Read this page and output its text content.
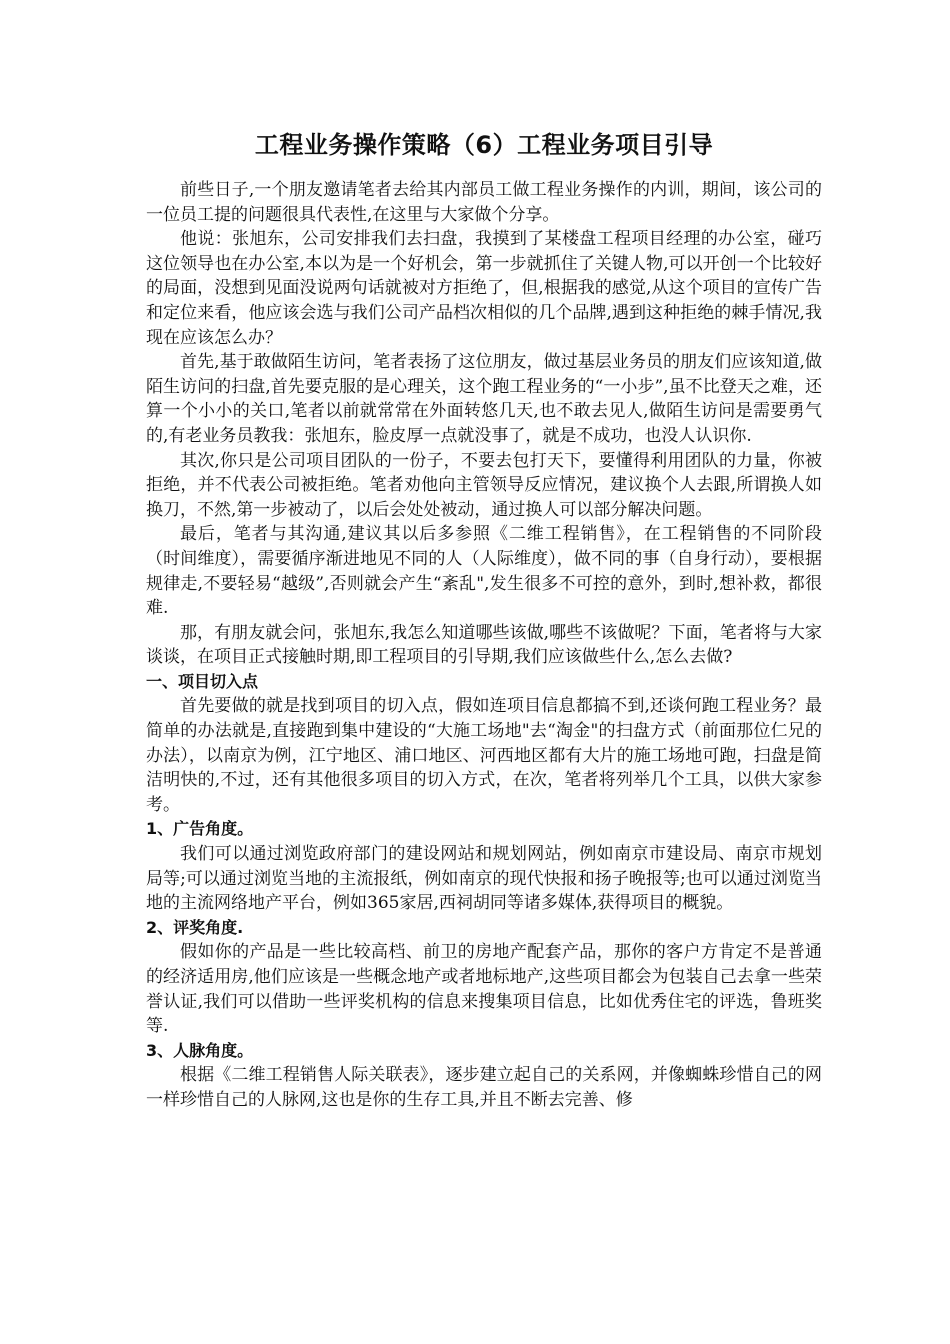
工程业务操作策略（6）工程业务项目引导

前些日子,一个朋友邀请笔者去给其内部员工做工程业务操作的内训，期间，该公司的一位员工提的问题很具代表性,在这里与大家做个分享。

他说：张旭东，公司安排我们去扫盘，我摸到了某楼盘工程项目经理的办公室，碰巧这位领导也在办公室,本以为是一个好机会，第一步就抓住了关键人物,可以开创一个比较好的局面，没想到见面没说两句话就被对方拒绝了，但,根据我的感觉,从这个项目的宣传广告和定位来看，他应该会选与我们公司产品档次相似的几个品牌,遇到这种拒绝的棘手情况,我现在应该怎么办？

首先,基于敢做陌生访问，笔者表扬了这位朋友，做过基层业务员的朋友们应该知道,做陌生访问的扫盘,首先要克服的是心理关，这个跑工程业务的“一小步”,虽不比登天之难，还算一个小小的关口,笔者以前就常常在外面转悠几天,也不敢去见人,做陌生访问是需要勇气的,有老业务员教我：张旭东，脸皮厚一点就没事了，就是不成功，也没人认识你.

其次,你只是公司项目团队的一份子，不要去包打天下，要懂得利用团队的力量，你被拒绝，并不代表公司被拒绝。笔者劝他向主管领导反应情况，建议换个人去跟,所谓换人如换刀，不然,第一步被动了，以后会处处被动，通过换人可以部分解决问题。

最后，笔者与其沟通,建议其以后多参照《二维工程销售》，在工程销售的不同阶段（时间维度），需要循序渐进地见不同的人（人际维度），做不同的事（自身行动），要根据规律走,不要轻易“越级”,否则就会产生“紊乱",发生很多不可控的意外，到时,想补救，都很难.

那，有朋友就会问，张旭东,我怎么知道哪些该做,哪些不该做呢？下面，笔者将与大家谈谈，在项目正式接触时期,即工程项目的引导期,我们应该做些什么,怎么去做?

一、项目切入点

首先要做的就是找到项目的切入点，假如连项目信息都搞不到,还谈何跑工程业务？最简单的办法就是,直接跑到集中建设的“大施工场地"去“淘金"的扫盘方式（前面那位仁兄的办法），以南京为例，江宁地区、浦口地区、河西地区都有大片的施工场地可跑，扫盘是简洁明快的,不过，还有其他很多项目的切入方式，在次，笔者将列举几个工具，以供大家参考。

1、广告角度。

我们可以通过浏览政府部门的建设网站和规划网站，例如南京市建设局、南京市规划局等;可以通过浏览当地的主流报纸，例如南京的现代快报和扬子晚报等;也可以通过浏览当地的主流网络地产平台，例如365家居,西祠胡同等诸多媒体,获得项目的概貌。

2、评奖角度.

假如你的产品是一些比较高档、前卫的房地产配套产品，那你的客户方肯定不是普通的经济适用房,他们应该是一些概念地产或者地标地产,这些项目都会为包装自己去拿一些荣誉认证,我们可以借助一些评奖机构的信息来搜集项目信息，比如优秀住宅的评选，鲁班奖等.

3、人脉角度。

根据《二维工程销售人际关联表》，逐步建立起自己的关系网，并像蜘蛛珍惜自己的网一样珍惜自己的人脉网,这也是你的生存工具,并且不断去完善、修
